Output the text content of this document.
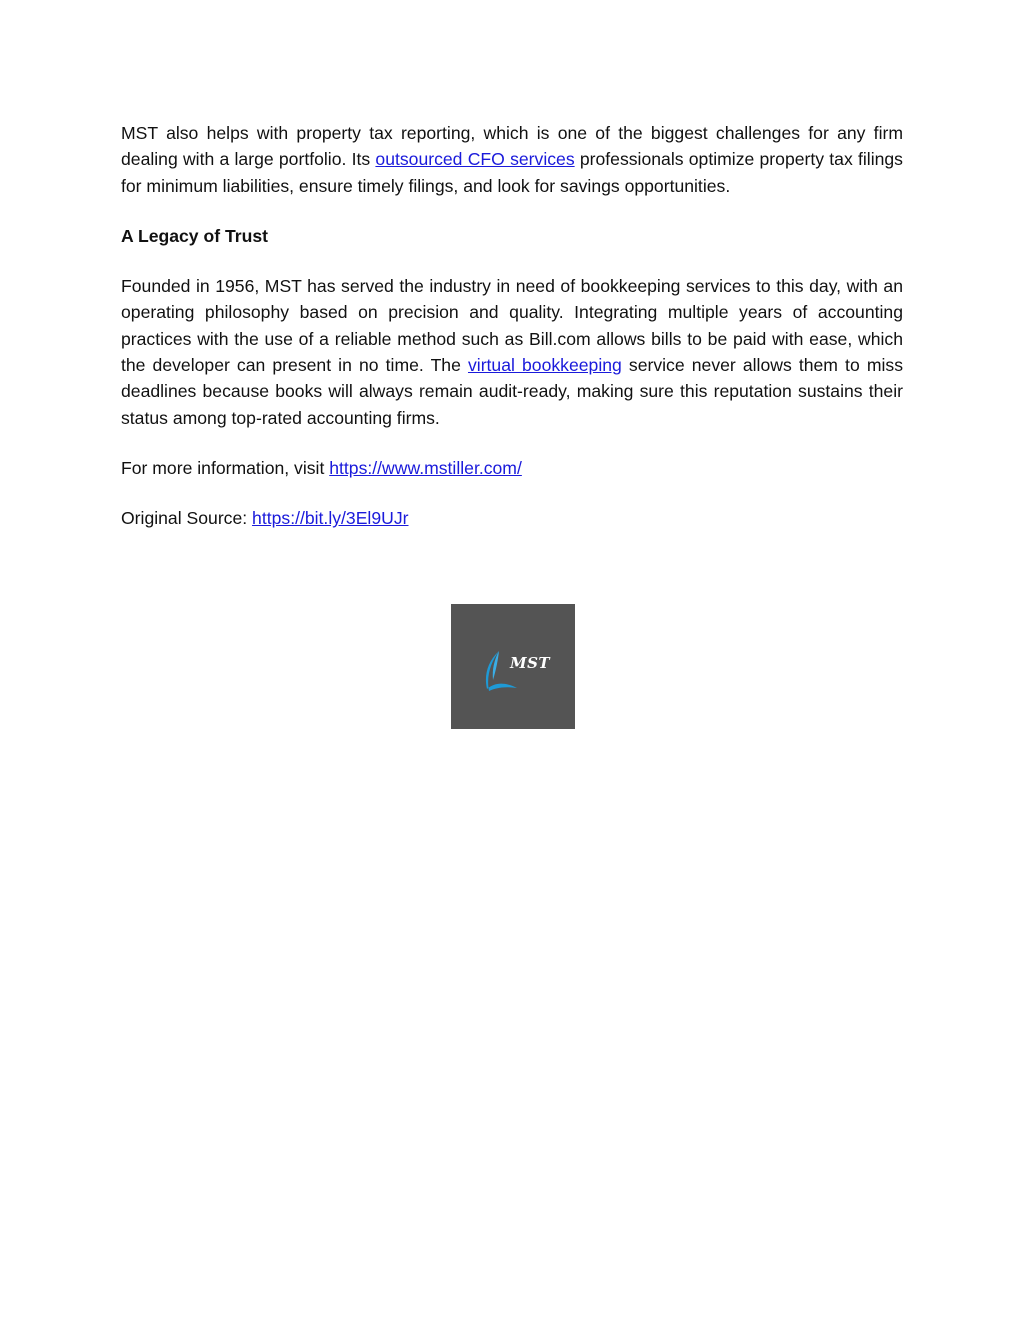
MST also helps with property tax reporting, which is one of the biggest challenges for any firm dealing with a large portfolio. Its outsourced CFO services professionals optimize property tax filings for minimum liabilities, ensure timely filings, and look for savings opportunities.

A Legacy of Trust

Founded in 1956, MST has served the industry in need of bookkeeping services to this day, with an operating philosophy based on precision and quality. Integrating multiple years of accounting practices with the use of a reliable method such as Bill.com allows bills to be paid with ease, which the developer can present in no time. The virtual bookkeeping service never allows them to miss deadlines because books will always remain audit-ready, making sure this reputation sustains their status among top-rated accounting firms.

For more information, visit https://www.mstiller.com/

Original Source: https://bit.ly/3El9UJr

MST
